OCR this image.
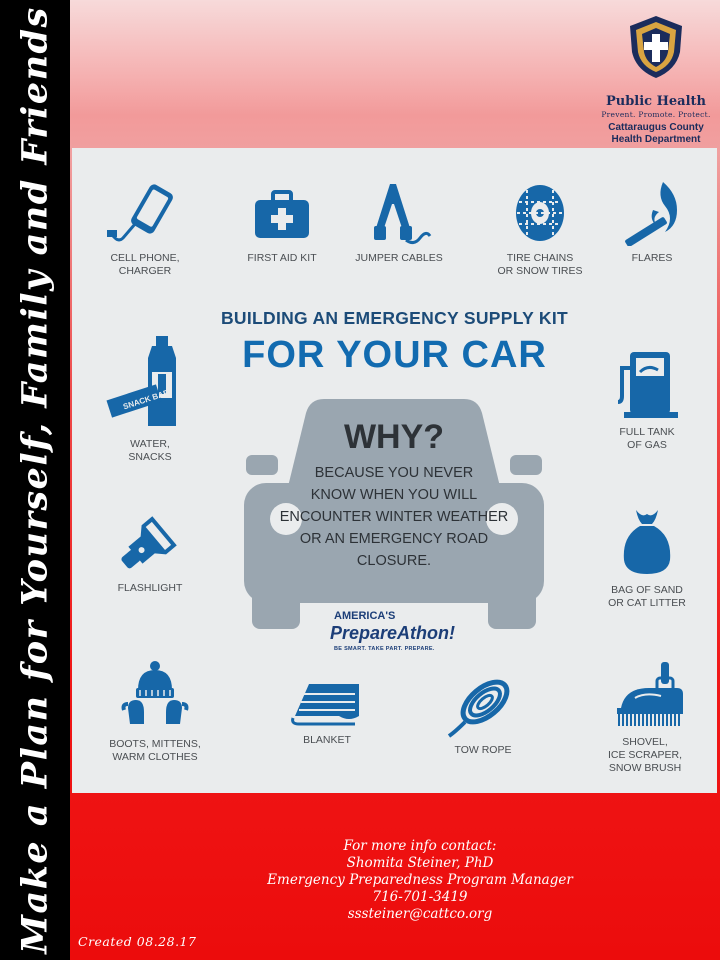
Make a Plan for Yourself, Family and Friends	Public Health
Prevent. Promote. Protect.
Cattaraugus County
Health Department
CELL PHONE,
CHARGER
FIRST AID KIT	JUMPER CABLES	TIRE CHAINS
OR SNOW TIRES
FLARES
BUILDING AN EMERGENCY SUPPLY KIT
FOR YOUR CAR
SNACK BAR
WATER,
SNACKS
FULL TANK
OF GAS
WHY?
BECAUSE YOU NEVER
KNOW WHEN YOU WILL
ENCOUNTER WINTER WEATHER
OR AN EMERGENCY ROAD
CLOSURE.
AMERICA'S
PrepareAthon!
BE SMART. TAKE PART. PREPARE.
FLASHLIGHT	BAG OF SAND
OR CAT LITTER
BOOTS, MITTENS,
WARM CLOTHES
BLANKET
TOW ROPE
SHOVEL,
ICE SCRAPER,
SNOW BRUSH
For more info contact:
Shomita Steiner, PhD
Emergency Preparedness Program Manager
716-701-3419
sssteiner@cattco.org
Created 08.28.17
